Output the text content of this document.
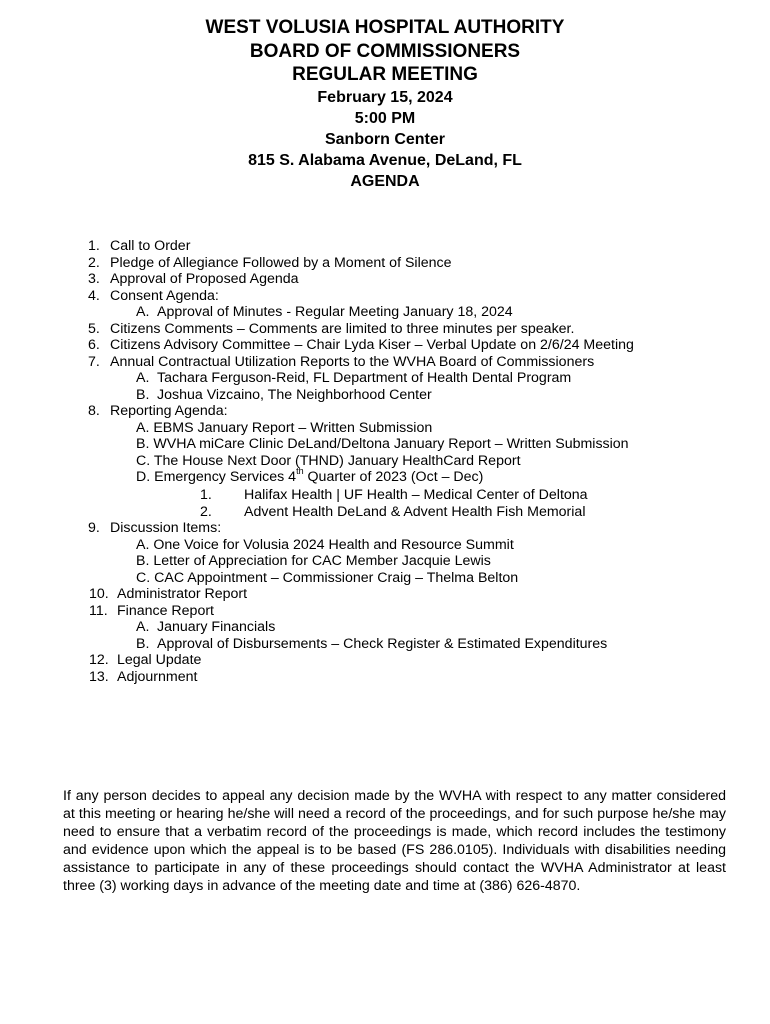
WEST VOLUSIA HOSPITAL AUTHORITY
BOARD OF COMMISSIONERS
REGULAR MEETING
February 15, 2024
5:00 PM
Sanborn Center
815 S. Alabama Avenue, DeLand, FL
AGENDA
1. Call to Order
2. Pledge of Allegiance Followed by a Moment of Silence
3. Approval of Proposed Agenda
4. Consent Agenda:
A. Approval of Minutes - Regular Meeting January 18, 2024
5. Citizens Comments – Comments are limited to three minutes per speaker.
6. Citizens Advisory Committee – Chair Lyda Kiser – Verbal Update on 2/6/24 Meeting
7. Annual Contractual Utilization Reports to the WVHA Board of Commissioners
A. Tachara Ferguson-Reid, FL Department of Health Dental Program
B. Joshua Vizcaino, The Neighborhood Center
8. Reporting Agenda:
A. EBMS January Report – Written Submission
B. WVHA miCare Clinic DeLand/Deltona January Report – Written Submission
C. The House Next Door (THND) January HealthCard Report
D. Emergency Services 4th Quarter of 2023 (Oct – Dec)
1. Halifax Health | UF Health – Medical Center of Deltona
2. Advent Health DeLand & Advent Health Fish Memorial
9. Discussion Items:
A. One Voice for Volusia 2024 Health and Resource Summit
B. Letter of Appreciation for CAC Member Jacquie Lewis
C. CAC Appointment – Commissioner Craig – Thelma Belton
10. Administrator Report
11. Finance Report
A. January Financials
B. Approval of Disbursements – Check Register & Estimated Expenditures
12. Legal Update
13. Adjournment
If any person decides to appeal any decision made by the WVHA with respect to any matter considered at this meeting or hearing he/she will need a record of the proceedings, and for such purpose he/she may need to ensure that a verbatim record of the proceedings is made, which record includes the testimony and evidence upon which the appeal is to be based (FS 286.0105). Individuals with disabilities needing assistance to participate in any of these proceedings should contact the WVHA Administrator at least three (3) working days in advance of the meeting date and time at (386) 626-4870.
